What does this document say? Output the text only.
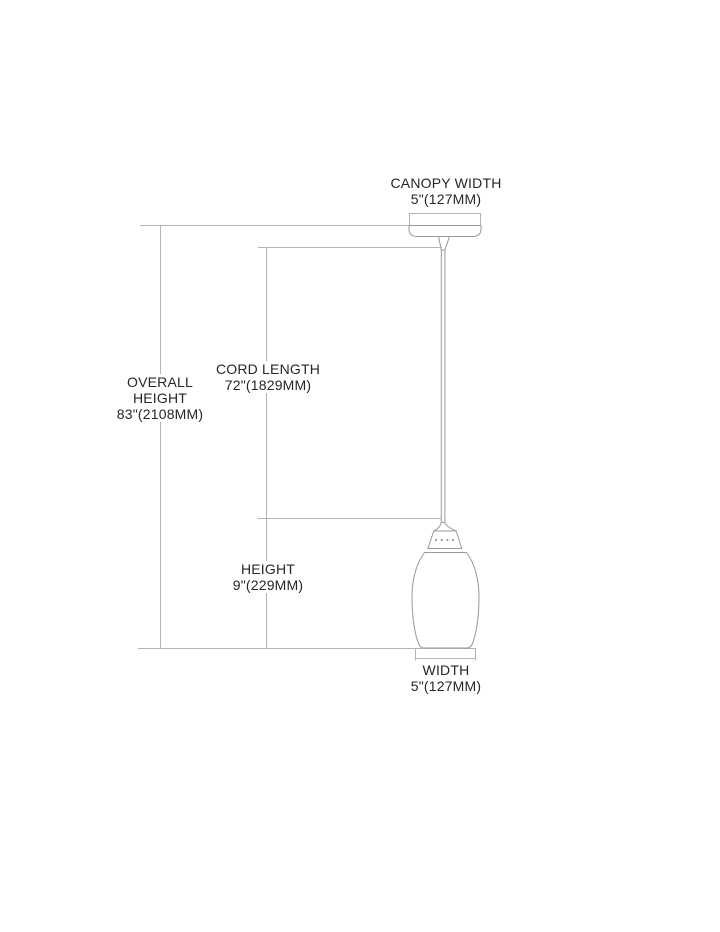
CANOPY WIDTH
5"(127MM)
CORD LENGTH
72"(1829MM)
OVERALL
HEIGHT
83"(2108MM)
HEIGHT
9"(229MM)
WIDTH
5"(127MM)
